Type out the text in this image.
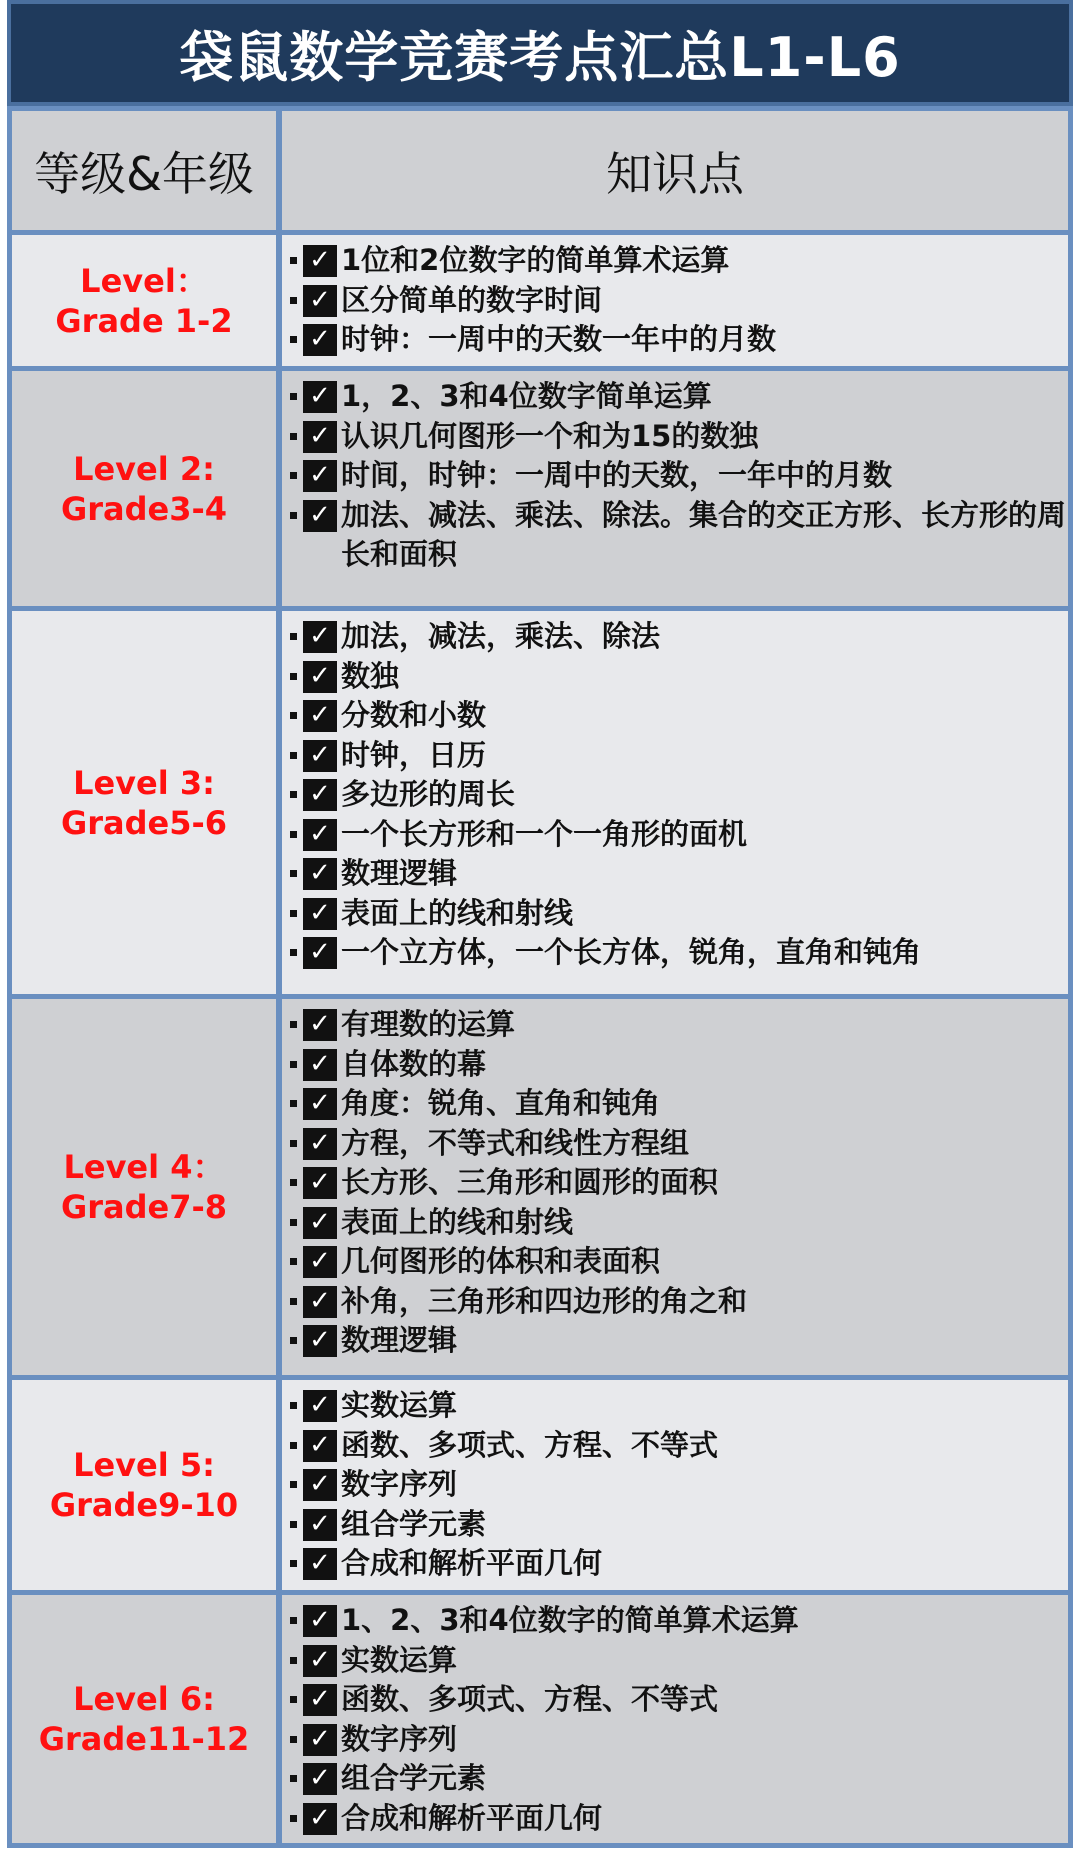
袋鼠数学竞赛考点汇总L1-L6
等级&年级	知识点
Level：
Grade 1-2
✓ 1位和2位数字的简单算术运算
✓ 区分简单的数字时间
✓ 时钟：一周中的天数一年中的月数
Level 2:
Grade3-4
✓ 1，2、3和4位数字简单运算
✓ 认识几何图形一个和为15的数独
✓ 时间，时钟：一周中的天数，一年中的月数
✓ 加法、减法、乘法、除法。集合的交正方形、长方形的周长和面积
Level 3:
Grade5-6
✓ 加法，减法，乘法、除法
✓ 数独
✓ 分数和小数
✓ 时钟，日历
✓ 多边形的周长
✓ 一个长方形和一个一角形的面机
✓ 数理逻辑
✓ 表面上的线和射线
✓ 一个立方体，一个长方体，锐角，直角和钝角
Level 4：
Grade7-8
✓ 有理数的运算
✓ 自体数的幕
✓ 角度：锐角、直角和钝角
✓ 方程，不等式和线性方程组
✓ 长方形、三角形和圆形的面积
✓ 表面上的线和射线
✓ 几何图形的体积和表面积
✓ 补角，三角形和四边形的角之和
✓ 数理逻辑
Level 5:
Grade9-10
✓ 实数运算
✓ 函数、多项式、方程、不等式
✓ 数字序列
✓ 组合学元素
✓ 合成和解析平面几何
Level 6:
Grade11-12
✓ 1、2、3和4位数字的简单算术运算
✓ 实数运算
✓ 函数、多项式、方程、不等式
✓ 数字序列
✓ 组合学元素
✓ 合成和解析平面几何
